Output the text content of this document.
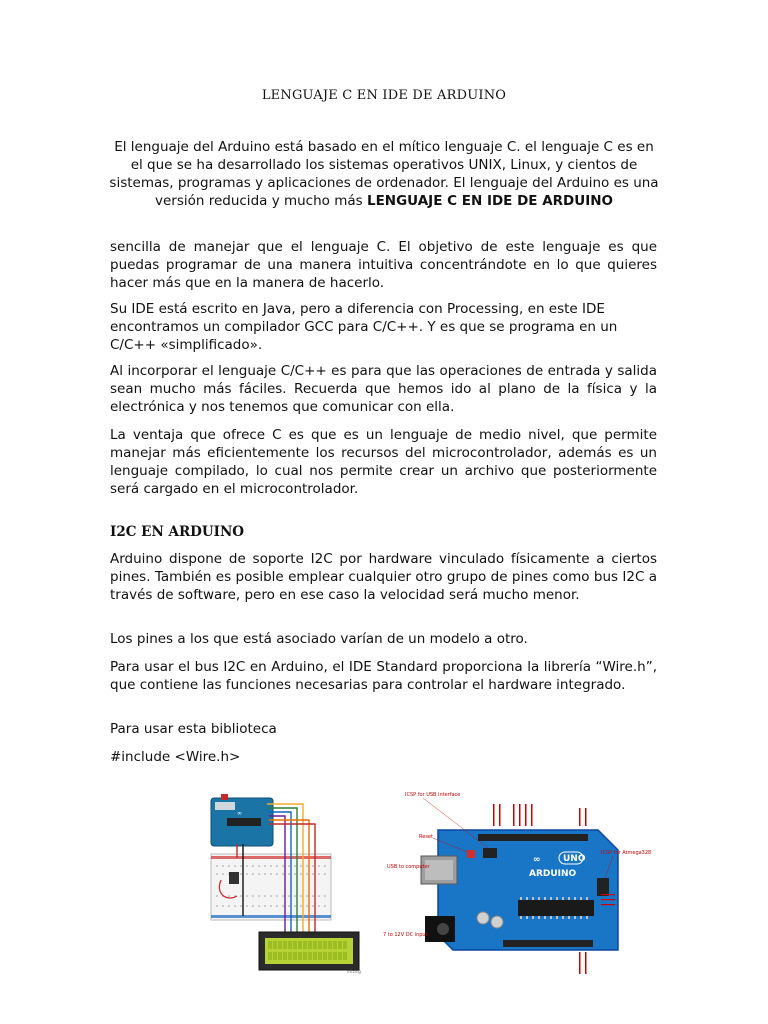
LENGUAJE C EN IDE DE ARDUINO

El lenguaje del Arduino está basado en el mítico lenguaje C. el lenguaje C es en el que se ha desarrollado los sistemas operativos UNIX, Linux, y cientos de sistemas, programas y aplicaciones de ordenador. El lenguaje del Arduino es una versión reducida y mucho más LENGUAJE C EN IDE DE ARDUINO

sencilla de manejar que el lenguaje C. El objetivo de este lenguaje es que puedas programar de una manera intuitiva concentrándote en lo que quieres hacer más que en la manera de hacerlo.

Su IDE está escrito en Java, pero a diferencia con Processing, en este IDE encontramos un compilador GCC para C/C++. Y es que se programa en un C/C++ «simplificado».

Al incorporar el lenguaje C/C++ es para que las operaciones de entrada y salida sean mucho más fáciles. Recuerda que hemos ido al plano de la física y la electrónica y nos tenemos que comunicar con ella.

La ventaja que ofrece C es que es un lenguaje de medio nivel, que permite manejar más eficientemente los recursos del microcontrolador, además es un lenguaje compilado, lo cual nos permite crear un archivo que posteriormente será cargado en el microcontrolador.

I2C EN ARDUINO

Arduino dispone de soporte I2C por hardware vinculado físicamente a ciertos pines. También es posible emplear cualquier otro grupo de pines como bus I2C a través de software, pero en ese caso la velocidad será mucho menor.

Los pines a los que está asociado varían de un modelo a otro.

Para usar el bus I2C en Arduino, el IDE Standard proporciona la librería “Wire.h”, que contiene las funciones necesarias para controlar el hardware integrado.

Para usar esta biblioteca

#include <Wire.h>

∞
fritzing
∞
ARDUINO
UNO
ICSP for USB interface
Reset
USB to computer
7 to 12V DC input
ICSP for Atmega328
